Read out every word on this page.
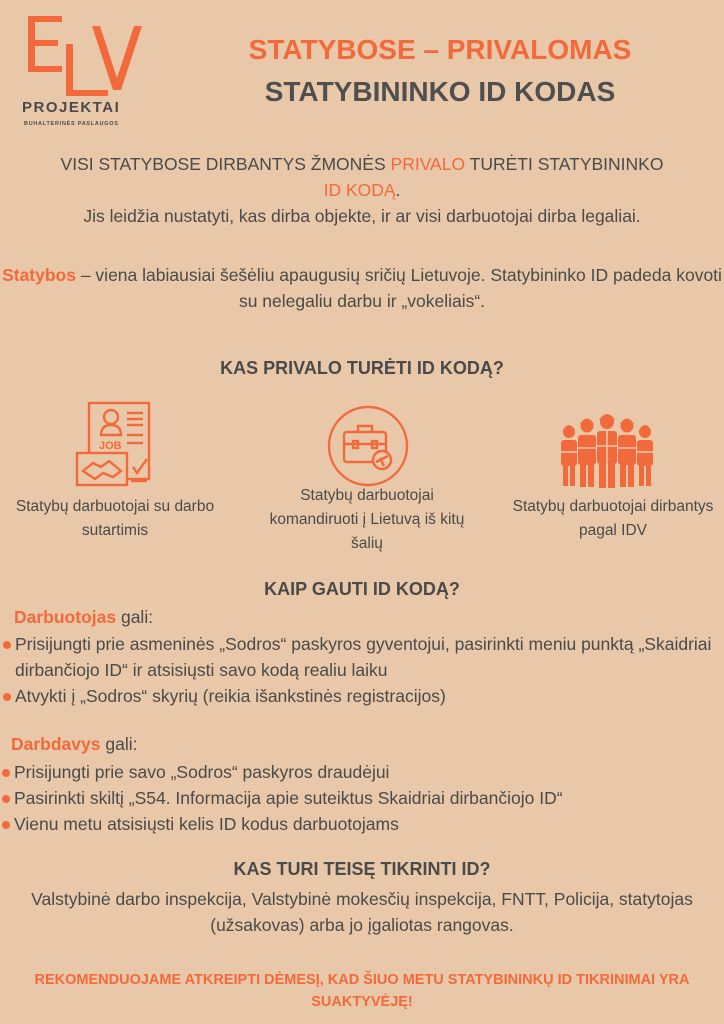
ELV
PROJEKTAI
BUHALTERINĖS PASLAUGOS
STATYBOSE – PRIVALOMAS
STATYBININKO ID KODAS
VISI STATYBOSE DIRBANTYS ŽMONĖS PRIVALO TURĖTI STATYBININKO
ID KODĄ.
Jis leidžia nustatyti, kas dirba objekte, ir ar visi darbuotojai dirba legaliai.
Statybos – viena labiausiai šešėliu apaugusių sričių Lietuvoje. Statybininko ID padeda kovoti su nelegaliu darbu ir „vokeliais“.
KAS PRIVALO TURĖTI ID KODĄ?
JOB
Statybų darbuotojai su darbo sutartimis
Statybų darbuotojai komandiruoti į Lietuvą iš kitų šalių
Statybų darbuotojai dirbantys pagal IDV
KAIP GAUTI ID KODĄ?
Darbuotojas gali:
Prisijungti prie asmeninės „Sodros“ paskyros gyventojui, pasirinkti meniu punktą „Skaidriai dirbančiojo ID“ ir atsisiųsti savo kodą realiu laiku
Atvykti į „Sodros“ skyrių (reikia išankstinės registracijos)
Darbdavys gali:
Prisijungti prie savo „Sodros“ paskyros draudėjui
Pasirinkti skiltį „S54. Informacija apie suteiktus Skaidriai dirbančiojo ID“
Vienu metu atsisiųsti kelis ID kodus darbuotojams
KAS TURI TEISĘ TIKRINTI ID?
Valstybinė darbo inspekcija, Valstybinė mokesčių inspekcija, FNTT, Policija, statytojas (užsakovas) arba jo įgaliotas rangovas.
REKOMENDUOJAME ATKREIPTI DĖMESĮ, KAD ŠIUO METU STATYBININKŲ ID TIKRINIMAI YRA SUAKTYVĖJĘ!
